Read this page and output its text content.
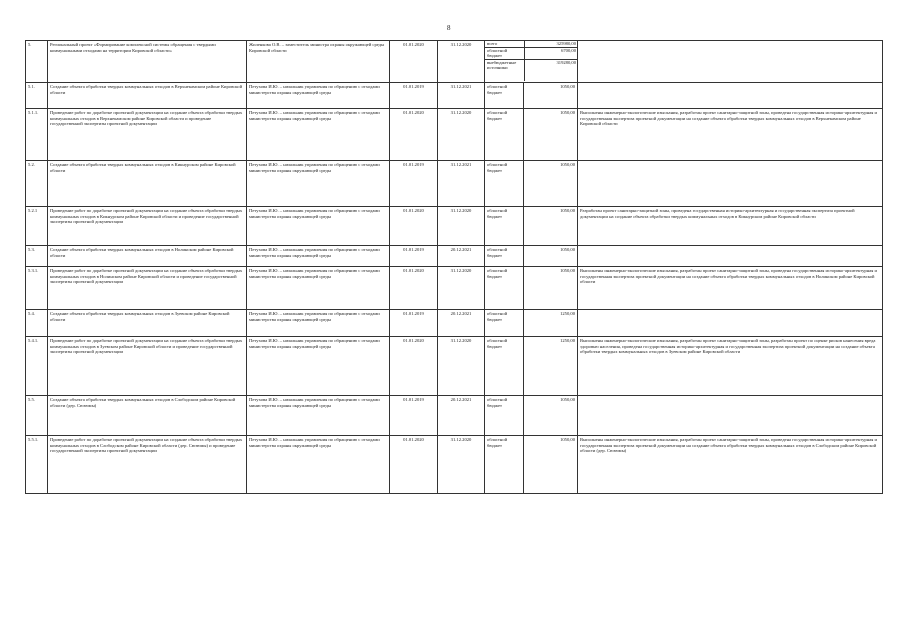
8
5.	Региональный проект «Формирование комплексной системы обращения с твердыми коммунальными отходами на территории Кировской области»	Жиленкова О.В. – заместитель министра охраны окружающей среды Кировской области	01.01.2020	31.12.2020		всего	325980,00
областной бюджет	6700,00
внебюджетные источники	319280,00

5.1.	Создание объекта обработки твердых коммунальных отходов в Верхнекамском районе Кировской области	Петухова И.Ю. – начальник управления по обращению с отходами министерства охраны окружающей среды	01.01.2019	31.12.2021	областной бюджет	1050,00	
5.1.1.	Проведение работ по доработке проектной документации на создание объекта обработки твердых коммунальных отходов в Верхнекамском районе Кировской области и проведение государственной экспертизы проектной документации	Петухова И.Ю. – начальник управления по обращению с отходами министерства охраны окружающей среды	01.01.2020	31.12.2020	областной бюджет	1050,00	Выполнены инженерно-экологические изыскания, разработан проект санитарно-защитной зоны, проведена государственная историко-архитектурная и государственная экспертиза проектной документации на создание объекта обработки твердых коммунальных отходов в Верхнекамском районе Кировской области
5.2.	Создание объекта обработки твердых коммунальных отходов в Кикнурском районе Кировской области	Петухова И.Ю. – начальник управления по обращению с отходами министерства охраны окружающей среды	01.01.2019	31.12.2021	областной бюджет	1050,00	
5.2.1	Проведение работ по доработке проектной документации на создание объекта обработки твердых коммунальных отходов в Кикнурском районе Кировской области и проведение государственной экспертизы проектной документации	Петухова И.Ю. – начальник управления по обращению с отходами министерства охраны окружающей среды	01.01.2020	31.12.2020	областной бюджет	1050,00	Разработан проект санитарно-защитной зоны, проведена государственная историко-архитектурная и государственная экспертиза проектной документации на создание объекта обработки твердых коммунальных отходов в Кикнурском районе Кировской области
5.3.	Создание объекта обработки твердых коммунальных отходов в Нолинском районе Кировской области	Петухова И.Ю. – начальник управления по обращению с отходами министерства охраны окружающей среды	01.01.2019	20.12.2021	областной бюджет	1050,00	
5.3.1.	Проведение работ по доработке проектной документации на создание объекта обработки твердых коммунальных отходов в Нолинском районе Кировской области и проведение государственной экспертизы проектной документации	Петухова И.Ю. – начальник управления по обращению с отходами министерства охраны окружающей среды	01.01.2020	31.12.2020	областной бюджет	1050,00	Выполнены инженерно-экологические изыскания, разработан проект санитарно-защитной зоны, проведена государственная историко-архитектурная и государственная экспертиза проектной документации на создание объекта обработки твердых коммунальных отходов в Нолинском районе Кировской области
5.4.	Создание объекта обработки твердых коммунальных отходов в Зуевском районе Кировской области	Петухова И.Ю. – начальник управления по обращению с отходами министерства охраны окружающей среды	01.01.2019	20.12.2021	областной бюджет	1250,00	
5.4.1.	Проведение работ по доработке проектной документации на создание объекта обработки твердых коммунальных отходов в Зуевском районе Кировской области и проведение государственной экспертизы проектной документации	Петухова И.Ю. – начальник управления по обращению с отходами министерства охраны окружающей среды	01.01.2020	31.12.2020	областной бюджет	1250,00	Выполнены инженерно-экологические изыскания, разработан проект санитарно-защитной зоны, разработан проект по оценке рисков нанесения вреда здоровью населения, проведена государственная историко-архитектурная и государственная экспертиза проектной документации на создание объекта обработки твердых коммунальных отходов в Зуевском районе Кировской области
5.5.	Создание объекта обработки твердых коммунальных отходов в Слободском районе Кировской области (дер. Сюзюмы)	Петухова И.Ю. – начальник управления по обращению с отходами министерства охраны окружающей среды	01.01.2019	20.12.2021	областной бюджет	1050,00	
5.5.1.	Проведение работ по доработке проектной документации на создание объекта обработки твердых коммунальных отходов в Слободском районе Кировской области (дер. Сюзюмы) и проведение государственной экспертизы проектной документации	Петухова И.Ю. – начальник управления по обращению с отходами министерства охраны окружающей среды	01.01.2020	31.12.2020	областной бюджет	1050,00	Выполнены инженерно-экологические изыскания, разработан проект санитарно-защитной зоны, проведена государственная историко-архитектурная и государственная экспертиза проектной документации на создание объекта обработки твердых коммунальных отходов в Слободском районе Кировской области (дер. Сюзюмы)
